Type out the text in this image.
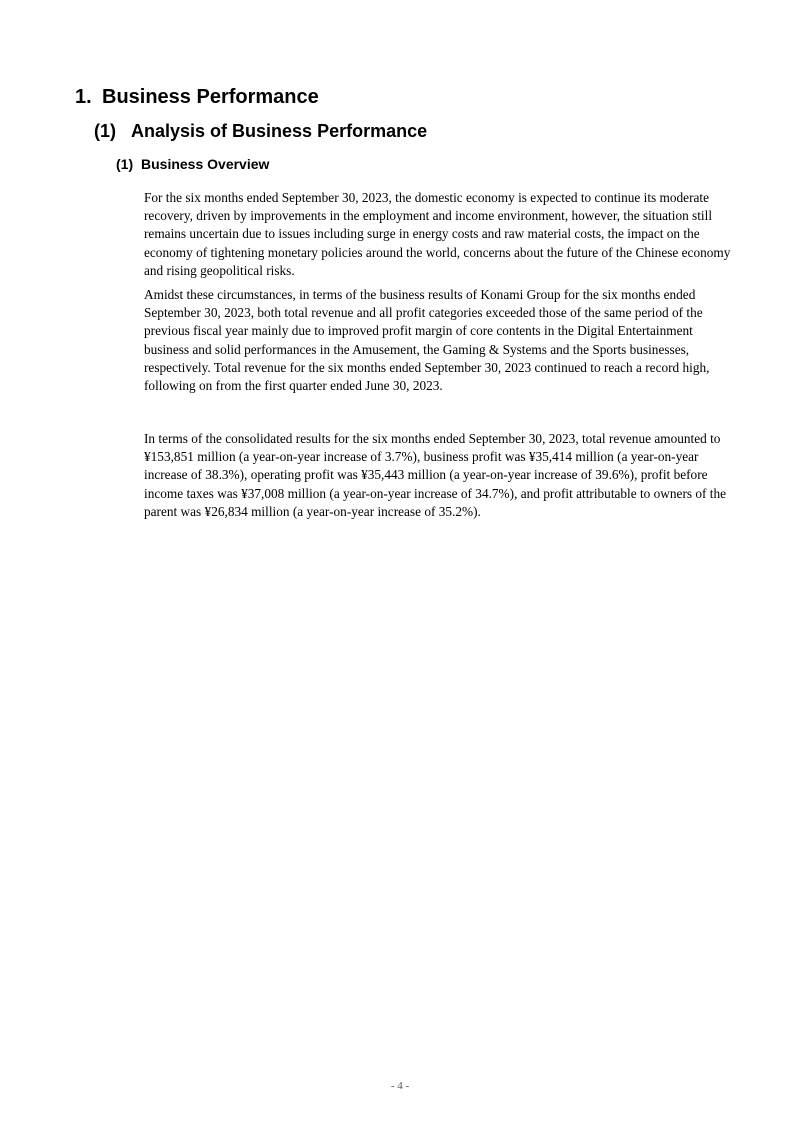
1. Business Performance
(1) Analysis of Business Performance
(1) Business Overview

For the six months ended September 30, 2023, the domestic economy is expected to continue its moderate recovery, driven by improvements in the employment and income environment, however, the situation still remains uncertain due to issues including surge in energy costs and raw material costs, the impact on the economy of tightening monetary policies around the world, concerns about the future of the Chinese economy and rising geopolitical risks.

Amidst these circumstances, in terms of the business results of Konami Group for the six months ended September 30, 2023, both total revenue and all profit categories exceeded those of the same period of the previous fiscal year mainly due to improved profit margin of core contents in the Digital Entertainment business and solid performances in the Amusement, the Gaming & Systems and the Sports businesses, respectively. Total revenue for the six months ended September 30, 2023 continued to reach a record high, following on from the first quarter ended June 30, 2023.

In terms of the consolidated results for the six months ended September 30, 2023, total revenue amounted to ¥153,851 million (a year-on-year increase of 3.7%), business profit was ¥35,414 million (a year-on-year increase of 38.3%), operating profit was ¥35,443 million (a year-on-year increase of 39.6%), profit before income taxes was ¥37,008 million (a year-on-year increase of 34.7%), and profit attributable to owners of the parent was ¥26,834 million (a year-on-year increase of 35.2%).

- 4 -
